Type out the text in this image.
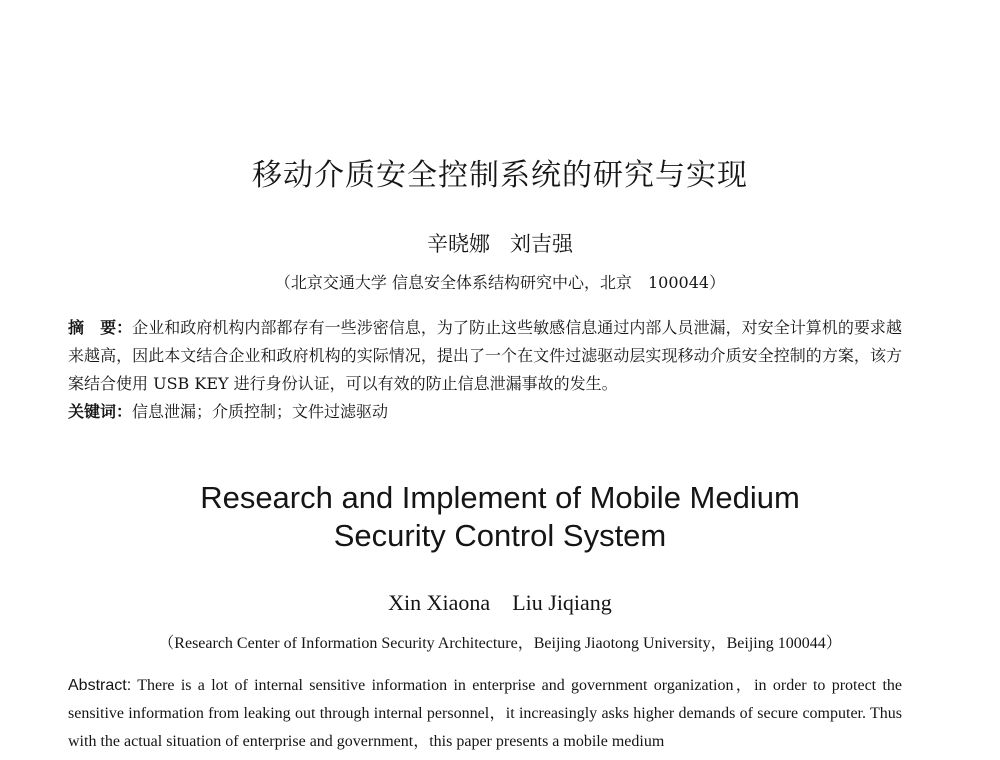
移动介质安全控制系统的研究与实现
辛晓娜 刘吉强
（北京交通大学 信息安全体系结构研究中心，北京　100044）
摘　要：企业和政府机构内部都存有一些涉密信息，为了防止这些敏感信息通过内部人员泄漏，对安全计算机的要求越来越高，因此本文结合企业和政府机构的实际情况，提出了一个在文件过滤驱动层实现移动介质安全控制的方案，该方案结合使用 USB KEY 进行身份认证，可以有效的防止信息泄漏事故的发生。
关键词：信息泄漏；介质控制；文件过滤驱动
Research and Implement of Mobile Medium
Security Control System
Xin Xiaona Liu Jiqiang
（Research Center of Information Security Architecture，Beijing Jiaotong University，Beijing 100044）
Abstract: There is a lot of internal sensitive information in enterprise and government organization，in order to protect the sensitive information from leaking out through internal personnel，it increasingly asks higher demands of secure computer. Thus with the actual situation of enterprise and government，this paper presents a mobile medium
